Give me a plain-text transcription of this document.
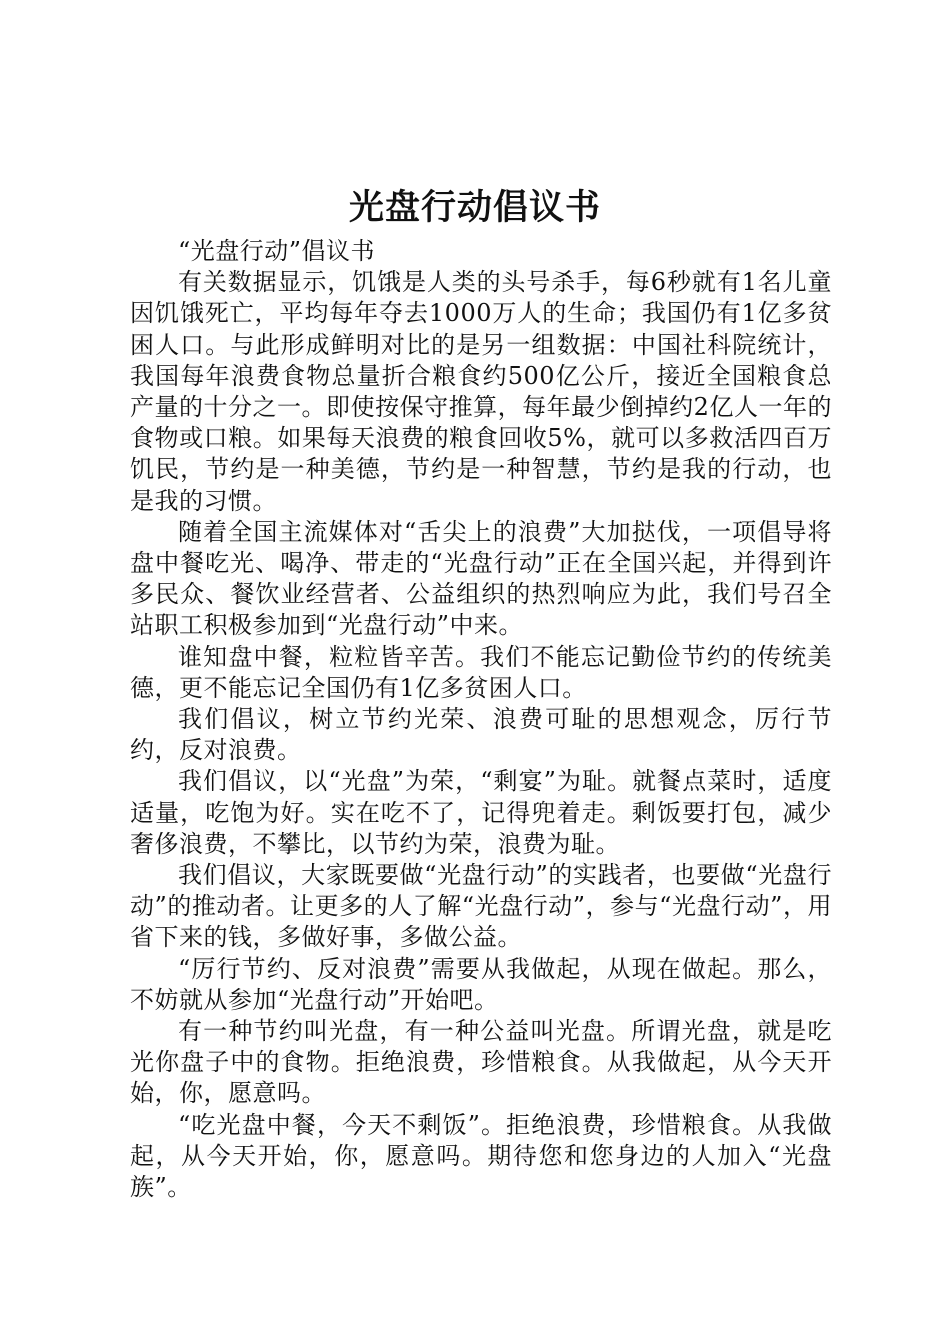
光盘行动倡议书

“光盘行动”倡议书

有关数据显示，饥饿是人类的头号杀手，每6秒就有1名儿童因饥饿死亡，平均每年夺去1000万人的生命；我国仍有1亿多贫困人口。与此形成鲜明对比的是另一组数据：中国社科院统计，我国每年浪费食物总量折合粮食约500亿公斤，接近全国粮食总产量的十分之一。即使按保守推算，每年最少倒掉约2亿人一年的食物或口粮。如果每天浪费的粮食回收5%，就可以多救活四百万饥民，节约是一种美德，节约是一种智慧，节约是我的行动，也是我的习惯。

随着全国主流媒体对“舌尖上的浪费”大加挞伐，一项倡导将盘中餐吃光、喝净、带走的“光盘行动”正在全国兴起，并得到许多民众、餐饮业经营者、公益组织的热烈响应为此，我们号召全站职工积极参加到“光盘行动”中来。

谁知盘中餐，粒粒皆辛苦。我们不能忘记勤俭节约的传统美德，更不能忘记全国仍有1亿多贫困人口。

我们倡议，树立节约光荣、浪费可耻的思想观念，厉行节约，反对浪费。

我们倡议，以“光盘”为荣，“剩宴”为耻。就餐点菜时，适度适量，吃饱为好。实在吃不了，记得兜着走。剩饭要打包，减少奢侈浪费，不攀比，以节约为荣，浪费为耻。

我们倡议，大家既要做“光盘行动”的实践者，也要做“光盘行动”的推动者。让更多的人了解“光盘行动”，参与“光盘行动”，用省下来的钱，多做好事，多做公益。

“厉行节约、反对浪费”需要从我做起，从现在做起。那么，不妨就从参加“光盘行动”开始吧。

有一种节约叫光盘，有一种公益叫光盘。所谓光盘，就是吃光你盘子中的食物。拒绝浪费，珍惜粮食。从我做起，从今天开始，你，愿意吗。

“吃光盘中餐，今天不剩饭”。拒绝浪费，珍惜粮食。从我做起，从今天开始，你，愿意吗。期待您和您身边的人加入“光盘族”。
